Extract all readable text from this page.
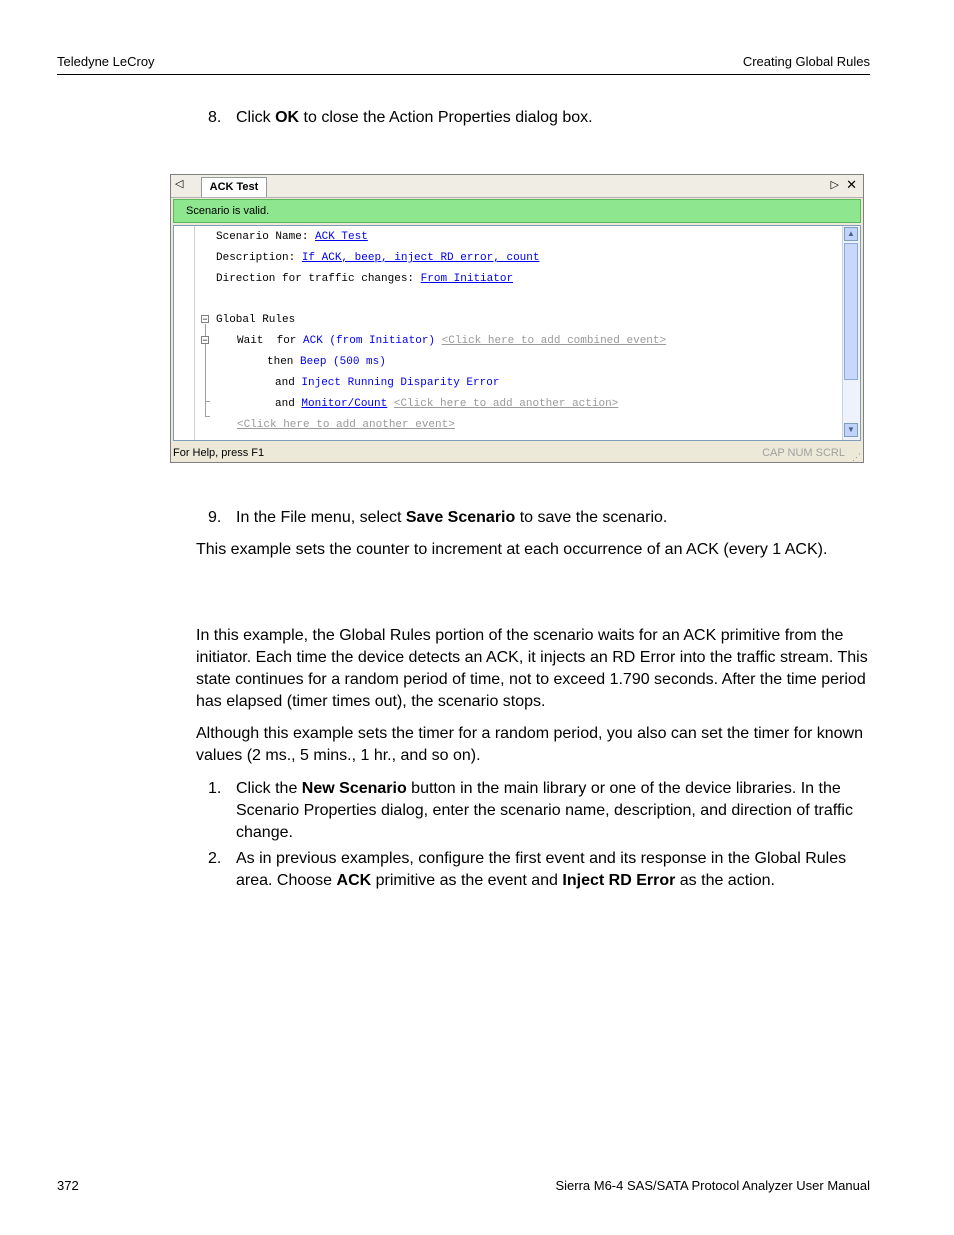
Teledyne LeCroy	Creating Global Rules
8. Click OK to close the Action Properties dialog box.
◁	ACK Test	▷ ✕
Scenario is valid.
Scenario Name: ACK Test
Description: If ACK, beep, inject RD error, count
Direction for traffic changes: From Initiator
− Global Rules
−	Wait  for ACK (from Initiator) <Click here to add combined event>
then Beep (500 ms)
and Inject Running Disparity Error
and Monitor/Count <Click here to add another action>
<Click here to add another event>
▲
▼
For Help, press F1	CAP NUM SCRL ⋰
9. In the File menu, select Save Scenario to save the scenario.
This example sets the counter to increment at each occurrence of an ACK (every 1 ACK).
In this example, the Global Rules portion of the scenario waits for an ACK primitive from the initiator. Each time the device detects an ACK, it injects an RD Error into the traffic stream. This state continues for a random period of time, not to exceed 1.790 seconds. After the time period has elapsed (timer times out), the scenario stops.
Although this example sets the timer for a random period, you also can set the timer for known values (2 ms., 5 mins., 1 hr., and so on).
1. Click the New Scenario button in the main library or one of the device libraries. In the Scenario Properties dialog, enter the scenario name, description, and direction of traffic change.
2. As in previous examples, configure the first event and its response in the Global Rules area. Choose ACK primitive as the event and Inject RD Error as the action.
372	Sierra M6-4 SAS/SATA Protocol Analyzer User Manual
